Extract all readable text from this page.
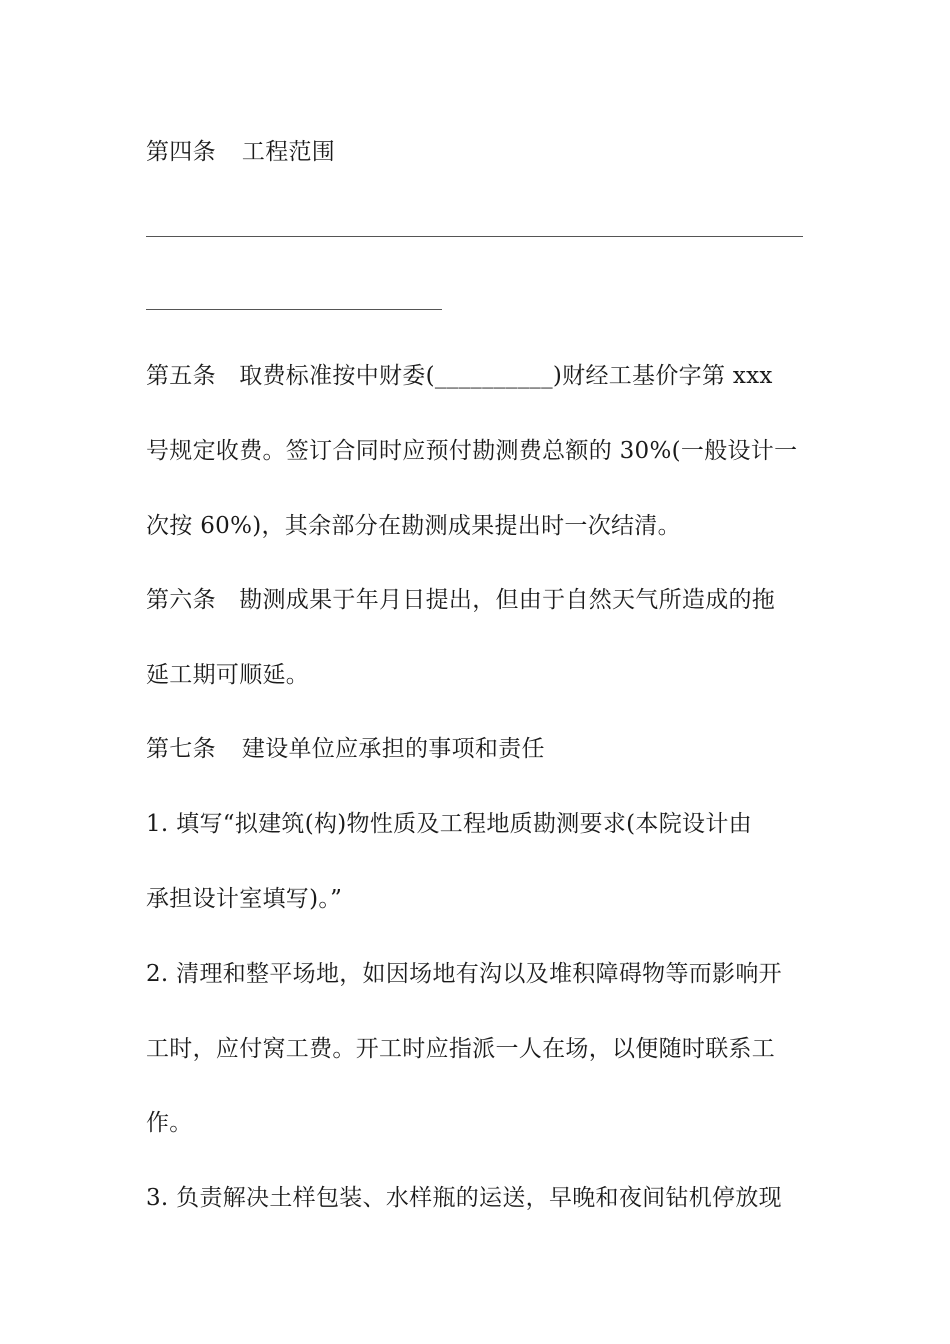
第四条 工程范围
第五条　取费标准按中财委(__________)财经工基价字第 xxx
号规定收费。签订合同时应预付勘测费总额的 30%(一般设计一
次按 60%)，其余部分在勘测成果提出时一次结清。
第六条　勘测成果于年月日提出，但由于自然天气所造成的拖
延工期可顺延。
第七条 建设单位应承担的事项和责任
1. 填写“拟建筑(构)物性质及工程地质勘测要求(本院设计由
承担设计室填写)。”
2. 清理和整平场地，如因场地有沟以及堆积障碍物等而影响开
工时，应付窝工费。开工时应指派一人在场，以便随时联系工
作。
3. 负责解决土样包装、水样瓶的运送，早晚和夜间钻机停放现
